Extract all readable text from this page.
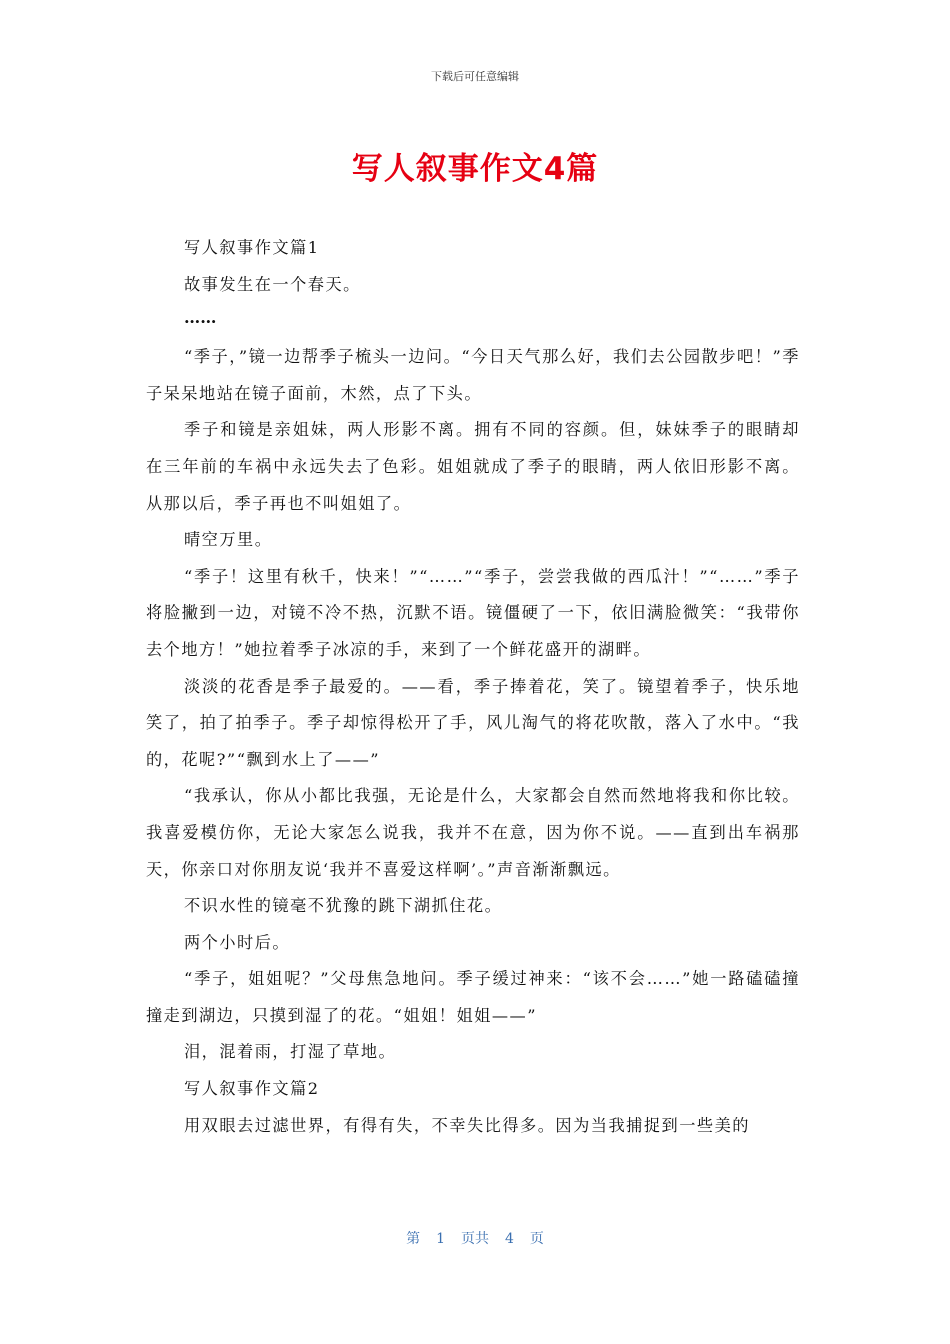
下载后可任意编辑
写人叙事作文4篇

写人叙事作文篇1

故事发生在一个春天。

……

“季子，”镜一边帮季子梳头一边问。“今日天气那么好，我们去公园散步吧！”季子呆呆地站在镜子面前，木然，点了下头。

季子和镜是亲姐妹，两人形影不离。拥有不同的容颜。但，妹妹季子的眼睛却在三年前的车祸中永远失去了色彩。姐姐就成了季子的眼睛，两人依旧形影不离。从那以后，季子再也不叫姐姐了。

晴空万里。

“季子！这里有秋千，快来！”“……”“季子，尝尝我做的西瓜汁！”“……”季子将脸撇到一边，对镜不冷不热，沉默不语。镜僵硬了一下，依旧满脸微笑：“我带你去个地方！”她拉着季子冰凉的手，来到了一个鲜花盛开的湖畔。

淡淡的花香是季子最爱的。——看，季子捧着花，笑了。镜望着季子，快乐地笑了，拍了拍季子。季子却惊得松开了手，风儿淘气的将花吹散，落入了水中。“我的，花呢?”“飘到水上了——”

“我承认，你从小都比我强，无论是什么，大家都会自然而然地将我和你比较。我喜爱模仿你，无论大家怎么说我，我并不在意，因为你不说。——直到出车祸那天，你亲口对你朋友说‘我并不喜爱这样啊’。”声音渐渐飘远。

不识水性的镜毫不犹豫的跳下湖抓住花。

两个小时后。

“季子，姐姐呢？”父母焦急地问。季子缓过神来：“该不会……”她一路磕磕撞撞走到湖边，只摸到湿了的花。“姐姐！姐姐——”

泪，混着雨，打湿了草地。

写人叙事作文篇2

用双眼去过滤世界，有得有失，不幸失比得多。因为当我捕捉到一些美的

第 1 页共 4 页
